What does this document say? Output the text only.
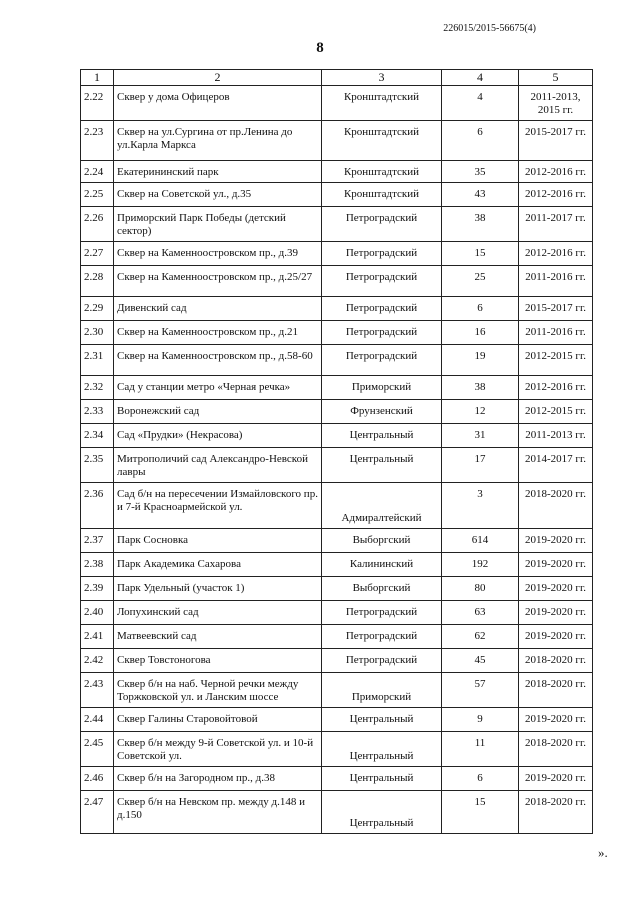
226015/2015-56675(4)
8
1	2	3	4	5
2.22	Сквер у дома Офицеров	Кронштадтский	4	2011-2013, 2015 гг.
2.23	Сквер на ул.Сургина от пр.Ленина до ул.Карла Маркса	Кронштадтский	6	2015-2017 гг.
2.24	Екатерининский парк	Кронштадтский	35	2012-2016 гг.
2.25	Сквер на Советской ул., д.35	Кронштадтский	43	2012-2016 гг.
2.26	Приморский Парк Победы (детский сектор)	Петроградский	38	2011-2017 гг.
2.27	Сквер на Каменноостровском пр., д.39	Петроградский	15	2012-2016 гг.
2.28	Сквер на Каменноостровском пр., д.25/27	Петроградский	25	2011-2016 гг.
2.29	Дивенский сад	Петроградский	6	2015-2017 гг.
2.30	Сквер на Каменноостровском пр., д.21	Петроградский	16	2011-2016 гг.
2.31	Сквер на Каменноостровском пр., д.58-60	Петроградский	19	2012-2015 гг.
2.32	Сад у станции метро «Черная речка»	Приморский	38	2012-2016 гг.
2.33	Воронежский сад	Фрунзенский	12	2012-2015 гг.
2.34	Сад «Прудки» (Некрасова)	Центральный	31	2011-2013 гг.
2.35	Митрополичий сад Александро-Невской лавры	Центральный	17	2014-2017 гг.
2.36	Сад б/н на пересечении Измайловского пр. и 7-й Красноармейской ул.	Адмиралтейский	3	2018-2020 гг.
2.37	Парк Сосновка	Выборгский	614	2019-2020 гг.
2.38	Парк Академика Сахарова	Калининский	192	2019-2020 гг.
2.39	Парк Удельный (участок 1)	Выборгский	80	2019-2020 гг.
2.40	Лопухинский сад	Петроградский	63	2019-2020 гг.
2.41	Матвеевский сад	Петроградский	62	2019-2020 гг.
2.42	Сквер Товстоногова	Петроградский	45	2018-2020 гг.
2.43	Сквер б/н на наб. Черной речки между Торжковской ул. и Ланским шоссе	Приморский	57	2018-2020 гг.
2.44	Сквер Галины Старовойтовой	Центральный	9	2019-2020 гг.
2.45	Сквер б/н между 9-й Советской ул. и 10-й Советской ул.	Центральный	11	2018-2020 гг.
2.46	Сквер б/н на Загородном пр., д.38	Центральный	6	2019-2020 гг.
2.47	Сквер б/н на Невском пр. между д.148 и д.150	Центральный	15	2018-2020 гг.
».
